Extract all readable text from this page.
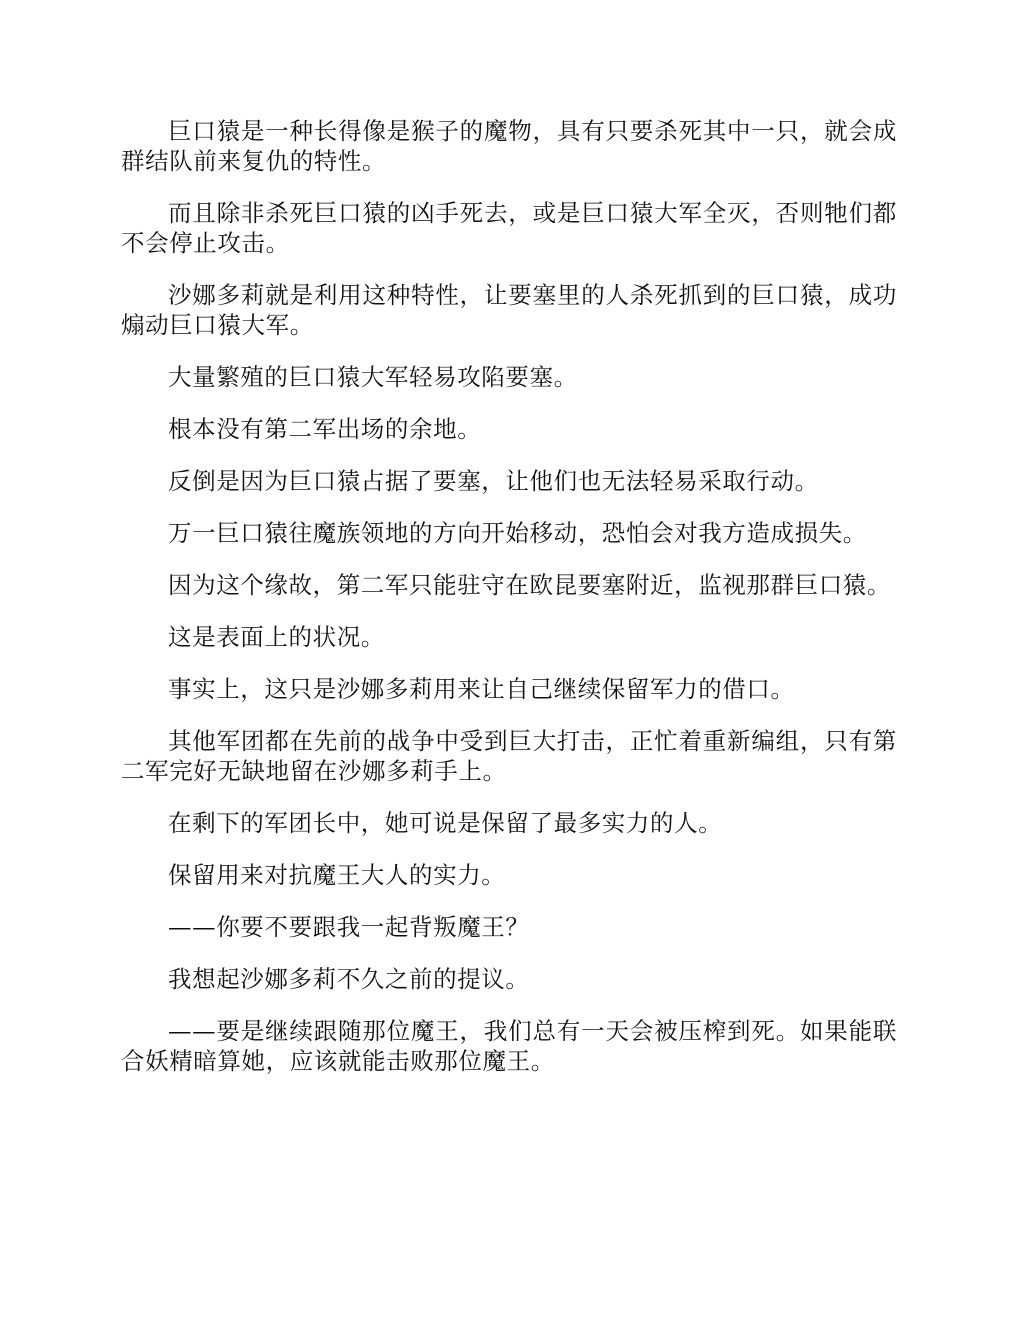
巨口猿是一种长得像是猴子的魔物，具有只要杀死其中一只，就会成群结队前来复仇的特性。

而且除非杀死巨口猿的凶手死去，或是巨口猿大军全灭，否则牠们都不会停止攻击。

沙娜多莉就是利用这种特性，让要塞里的人杀死抓到的巨口猿，成功煽动巨口猿大军。

大量繁殖的巨口猿大军轻易攻陷要塞。

根本没有第二军出场的余地。

反倒是因为巨口猿占据了要塞，让他们也无法轻易采取行动。

万一巨口猿往魔族领地的方向开始移动，恐怕会对我方造成损失。

因为这个缘故，第二军只能驻守在欧昆要塞附近，监视那群巨口猿。

这是表面上的状况。

事实上，这只是沙娜多莉用来让自己继续保留军力的借口。

其他军团都在先前的战争中受到巨大打击，正忙着重新编组，只有第二军完好无缺地留在沙娜多莉手上。

在剩下的军团长中，她可说是保留了最多实力的人。

保留用来对抗魔王大人的实力。

——你要不要跟我一起背叛魔王？

我想起沙娜多莉不久之前的提议。

——要是继续跟随那位魔王，我们总有一天会被压榨到死。如果能联合妖精暗算她，应该就能击败那位魔王。
